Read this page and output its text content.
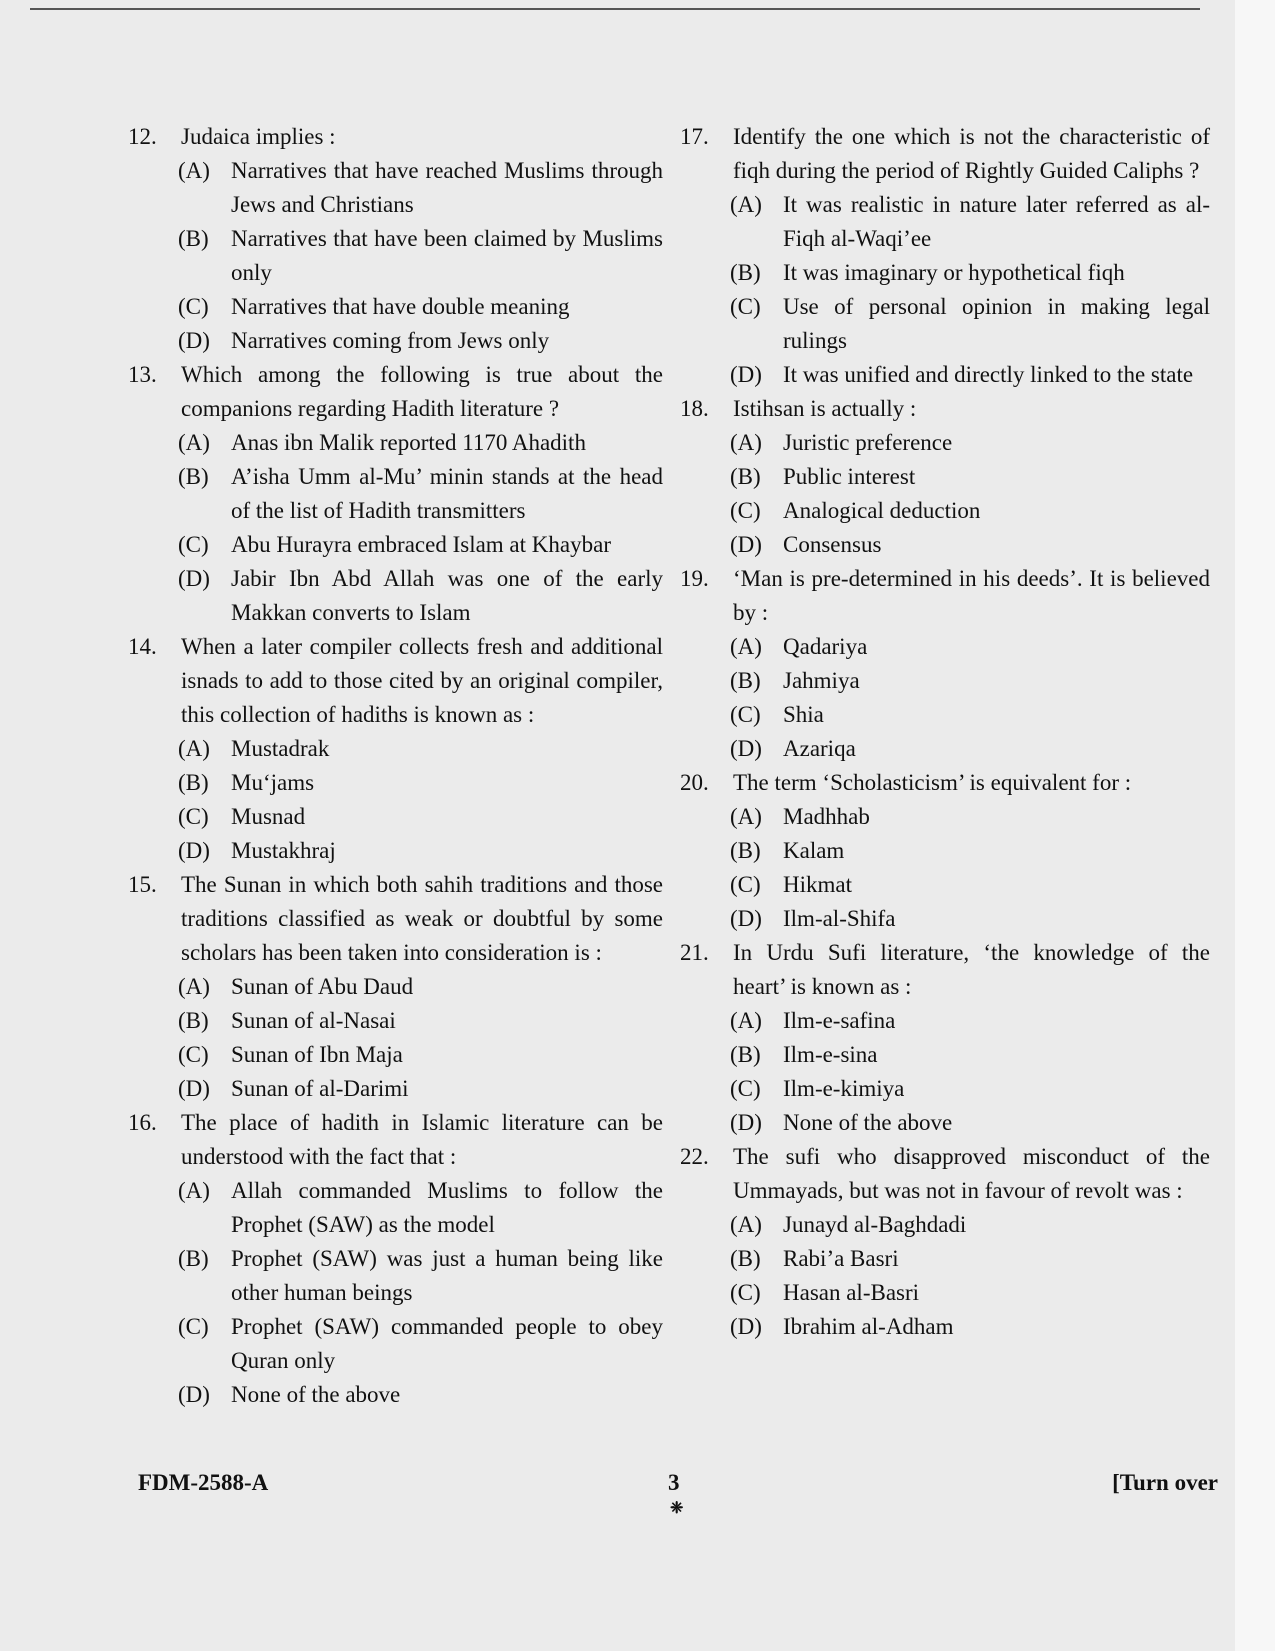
12. Judaica implies :
(A) Narratives that have reached Muslims through Jews and Christians
(B) Narratives that have been claimed by Muslims only
(C) Narratives that have double meaning
(D) Narratives coming from Jews only
13. Which among the following is true about the companions regarding Hadith literature ?
(A) Anas ibn Malik reported 1170 Ahadith
(B) A’isha Umm al-Mu’ minin stands at the head of the list of Hadith transmitters
(C) Abu Hurayra embraced Islam at Khaybar
(D) Jabir Ibn Abd Allah was one of the early Makkan converts to Islam
14. When a later compiler collects fresh and additional isnads to add to those cited by an original compiler, this collection of hadiths is known as :
(A) Mustadrak
(B) Mu‘jams
(C) Musnad
(D) Mustakhraj
15. The Sunan in which both sahih traditions and those traditions classified as weak or doubtful by some scholars has been taken into consideration is :
(A) Sunan of Abu Daud
(B) Sunan of al-Nasai
(C) Sunan of Ibn Maja
(D) Sunan of al-Darimi
16. The place of hadith in Islamic literature can be understood with the fact that :
(A) Allah commanded Muslims to follow the Prophet (SAW) as the model
(B) Prophet (SAW) was just a human being like other human beings
(C) Prophet (SAW) commanded people to obey Quran only
(D) None of the above
17. Identify the one which is not the characteristic of fiqh during the period of Rightly Guided Caliphs ?
(A) It was realistic in nature later referred as al- Fiqh al-Waqi’ee
(B) It was imaginary or hypothetical fiqh
(C) Use of personal opinion in making legal rulings
(D) It was unified and directly linked to the state
18. Istihsan is actually :
(A) Juristic preference
(B) Public interest
(C) Analogical deduction
(D) Consensus
19. ‘Man is pre-determined in his deeds’. It is believed by :
(A) Qadariya
(B) Jahmiya
(C) Shia
(D) Azariqa
20. The term ‘Scholasticism’ is equivalent for :
(A) Madhhab
(B) Kalam
(C) Hikmat
(D) Ilm-al-Shifa
21. In Urdu Sufi literature, ‘the knowledge of the heart’ is known as :
(A) Ilm-e-safina
(B) Ilm-e-sina
(C) Ilm-e-kimiya
(D) None of the above
22. The sufi who disapproved misconduct of the Ummayads, but was not in favour of revolt was :
(A) Junayd al-Baghdadi
(B) Rabi’a Basri
(C) Hasan al-Basri
(D) Ibrahim al-Adham
FDM-2588-A	3
❈
[Turn over
